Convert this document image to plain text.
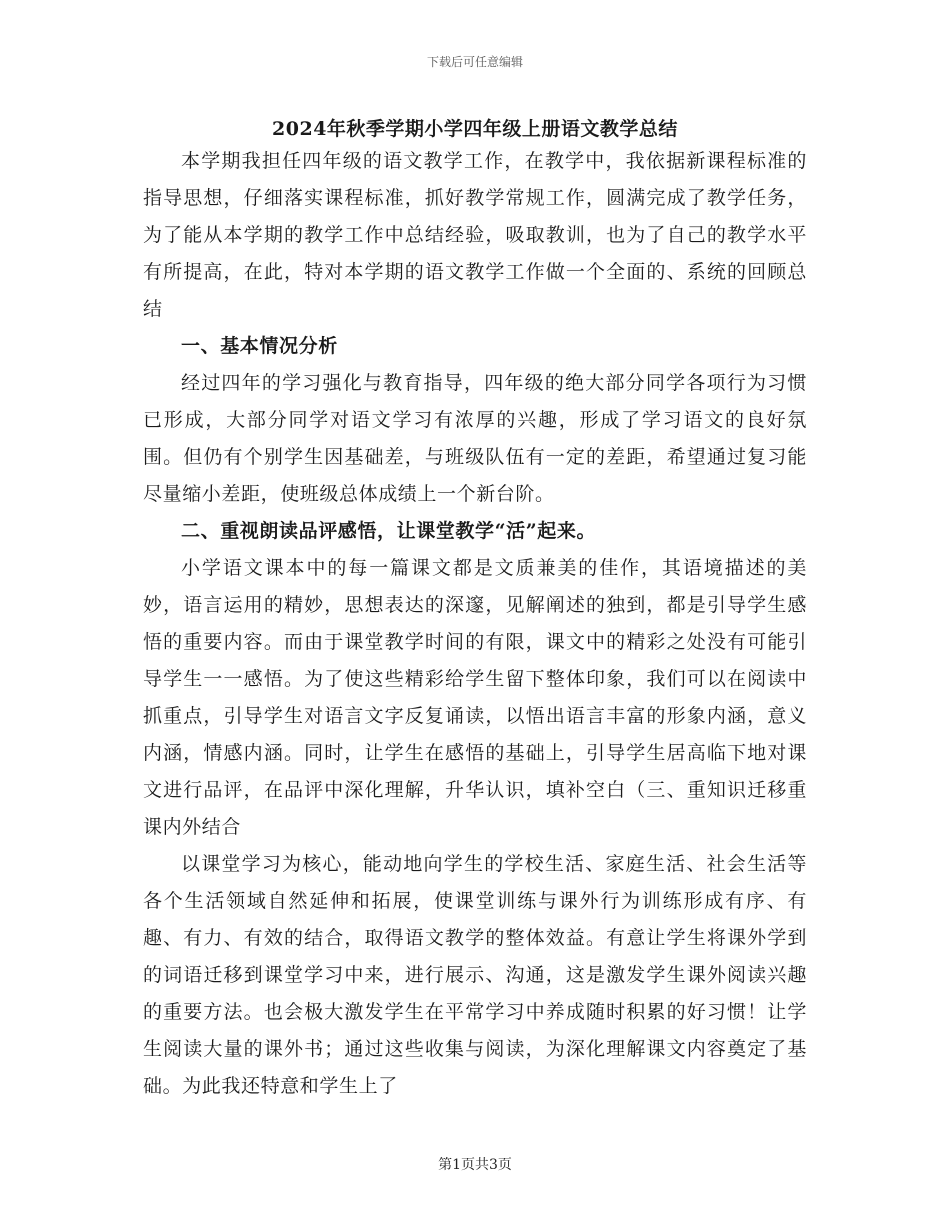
下载后可任意编辑
2024年秋季学期小学四年级上册语文教学总结

本学期我担任四年级的语文教学工作，在教学中，我依据新课程标准的指导思想，仔细落实课程标准，抓好教学常规工作，圆满完成了教学任务，为了能从本学期的教学工作中总结经验，吸取教训，也为了自己的教学水平有所提高，在此，特对本学期的语文教学工作做一个全面的、系统的回顾总结

一、基本情况分析

经过四年的学习强化与教育指导，四年级的绝大部分同学各项行为习惯已形成，大部分同学对语文学习有浓厚的兴趣，形成了学习语文的良好氛围。但仍有个别学生因基础差，与班级队伍有一定的差距，希望通过复习能尽量缩小差距，使班级总体成绩上一个新台阶。

二、重视朗读品评感悟，让课堂教学“活”起来。

小学语文课本中的每一篇课文都是文质兼美的佳作，其语境描述的美妙，语言运用的精妙，思想表达的深邃，见解阐述的独到，都是引导学生感悟的重要内容。而由于课堂教学时间的有限，课文中的精彩之处没有可能引导学生一一感悟。为了使这些精彩给学生留下整体印象，我们可以在阅读中抓重点，引导学生对语言文字反复诵读，以悟出语言丰富的形象内涵，意义内涵，情感内涵。同时，让学生在感悟的基础上，引导学生居高临下地对课文进行品评，在品评中深化理解，升华认识，填补空白（三、重知识迁移重课内外结合

以课堂学习为核心，能动地向学生的学校生活、家庭生活、社会生活等各个生活领域自然延伸和拓展，使课堂训练与课外行为训练形成有序、有趣、有力、有效的结合，取得语文教学的整体效益。有意让学生将课外学到的词语迁移到课堂学习中来，进行展示、沟通，这是激发学生课外阅读兴趣的重要方法。也会极大激发学生在平常学习中养成随时积累的好习惯！让学生阅读大量的课外书；通过这些收集与阅读，为深化理解课文内容奠定了基础。为此我还特意和学生上了

第1页共3页
